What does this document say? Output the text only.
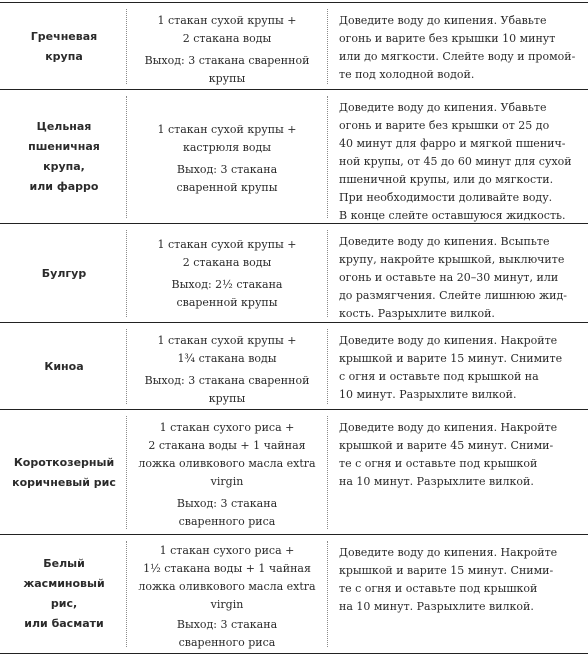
Гречневая
крупа
1 стакан сухой крупы +
2 стакана воды
Выход: 3 стакана сваренной
крупы
Доведите воду до кипения. Убавьте
огонь и варите без крышки 10 минут
или до мягкости. Слейте воду и промой-
те под холодной водой.
Цельная
пшеничная крупа,
или фарро
1 стакан сухой крупы +
кастрюля воды
Выход: 3 стакана
сваренной крупы
Доведите воду до кипения. Убавьте
огонь и варите без крышки от 25 до
40 минут для фарро и мягкой пшенич-
ной крупы, от 45 до 60 минут для сухой
пшеничной крупы, или до мягкости.
При необходимости доливайте воду.
В конце слейте оставшуюся жидкость.
Булгур
1 стакан сухой крупы +
2 стакана воды
Выход: 2½ стакана
сваренной крупы
Доведите воду до кипения. Всыпьте
крупу, накройте крышкой, выключите
огонь и оставьте на 20–30 минут, или
до размягчения. Слейте лишнюю жид-
кость. Разрыхлите вилкой.
Киноа
1 стакан сухой крупы +
1¾ стакана воды
Выход: 3 стакана сваренной
крупы
Доведите воду до кипения. Накройте
крышкой и варите 15 минут. Снимите
с огня и оставьте под крышкой на
10 минут. Разрыхлите вилкой.
Короткозерный
коричневый рис
1 стакан сухого риса +
2 стакана воды + 1 чайная
ложка оливкового масла extra
virgin
Выход: 3 стакана
сваренного риса
Доведите воду до кипения. Накройте
крышкой и варите 45 минут. Сними-
те с огня и оставьте под крышкой
на 10 минут. Разрыхлите вилкой.
Белый
жасминовый рис,
или басмати
1 стакан сухого риса +
1½ стакана воды + 1 чайная
ложка оливкового масла extra
virgin
Выход: 3 стакана
сваренного риса
Доведите воду до кипения. Накройте
крышкой и варите 15 минут. Сними-
те с огня и оставьте под крышкой
на 10 минут. Разрыхлите вилкой.
